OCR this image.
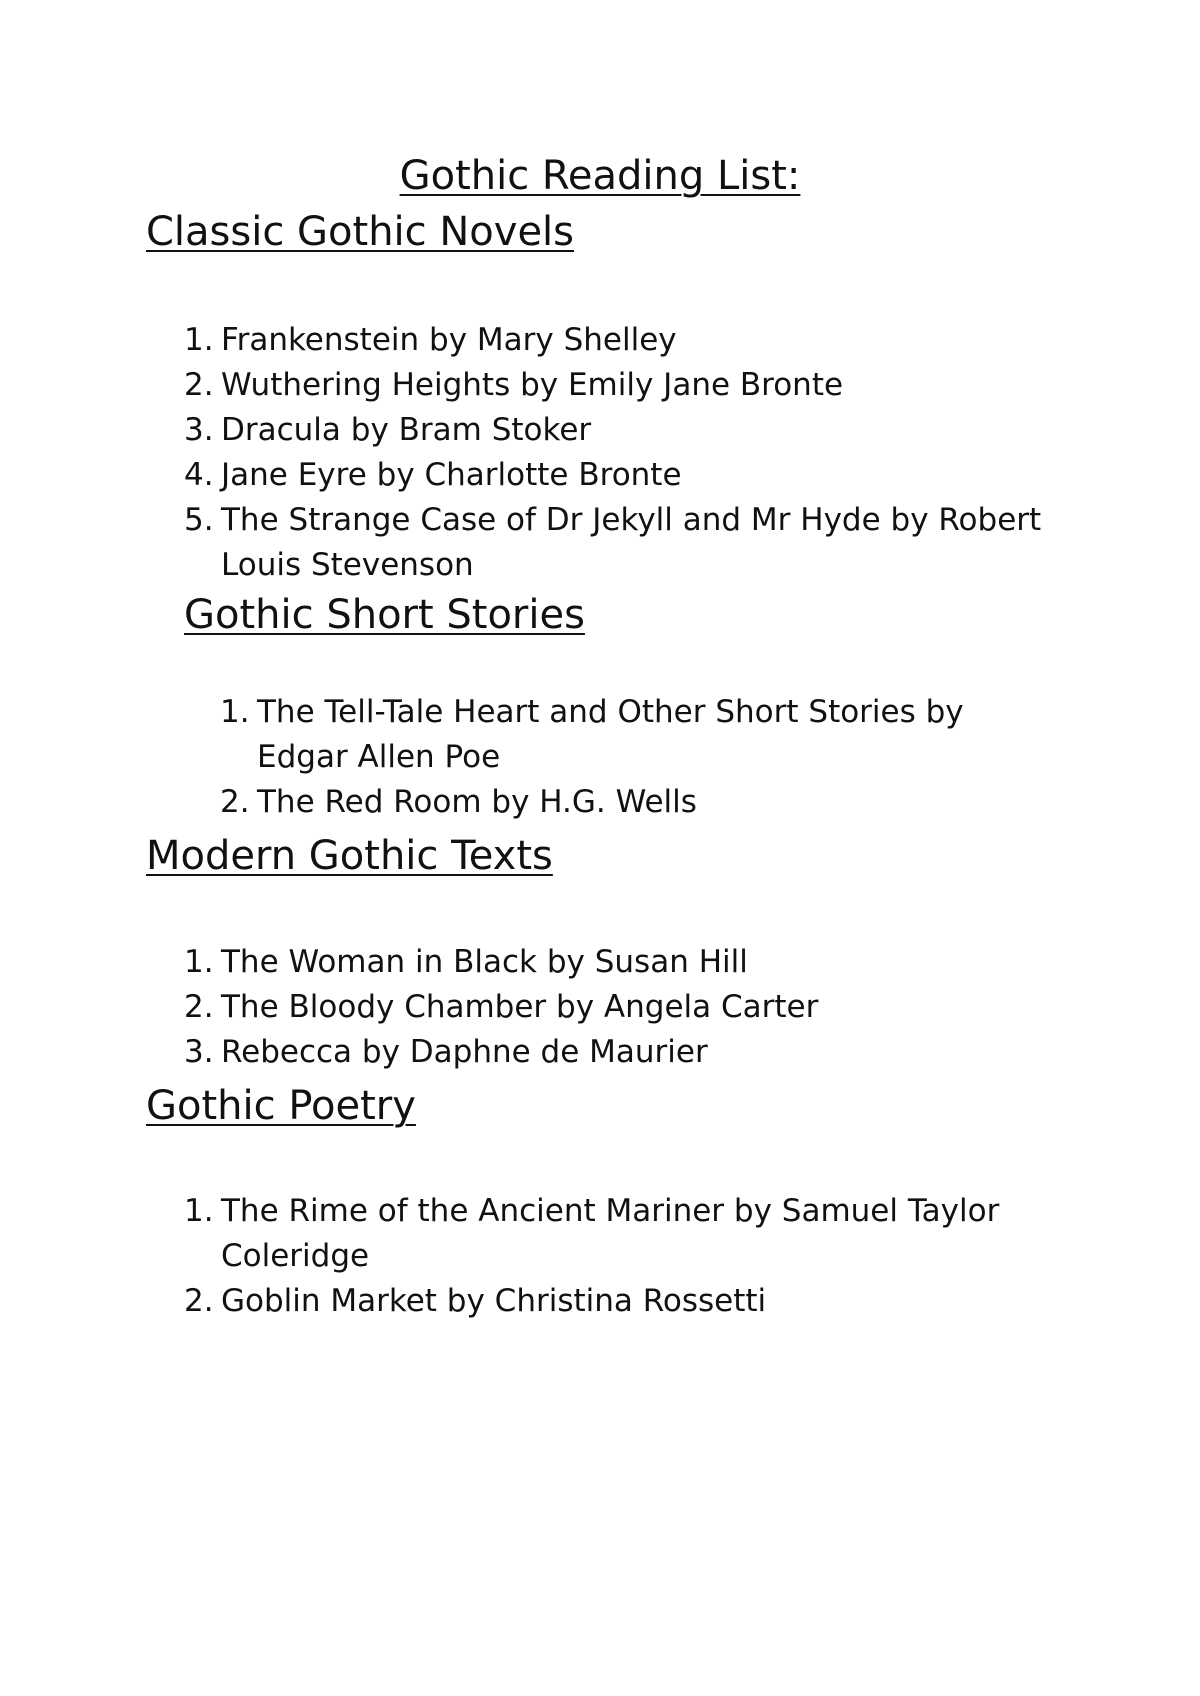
Gothic Reading List:
Classic Gothic Novels
1. Frankenstein by Mary Shelley
2. Wuthering Heights by Emily Jane Bronte
3. Dracula by Bram Stoker
4. Jane Eyre by Charlotte Bronte
5. The Strange Case of Dr Jekyll and Mr Hyde by Robert Louis Stevenson
Gothic Short Stories
1. The Tell-Tale Heart and Other Short Stories by Edgar Allen Poe
2. The Red Room by H.G. Wells
Modern Gothic Texts
1. The Woman in Black by Susan Hill
2. The Bloody Chamber by Angela Carter
3. Rebecca by Daphne de Maurier
Gothic Poetry
1. The Rime of the Ancient Mariner by Samuel Taylor Coleridge
2. Goblin Market by Christina Rossetti
